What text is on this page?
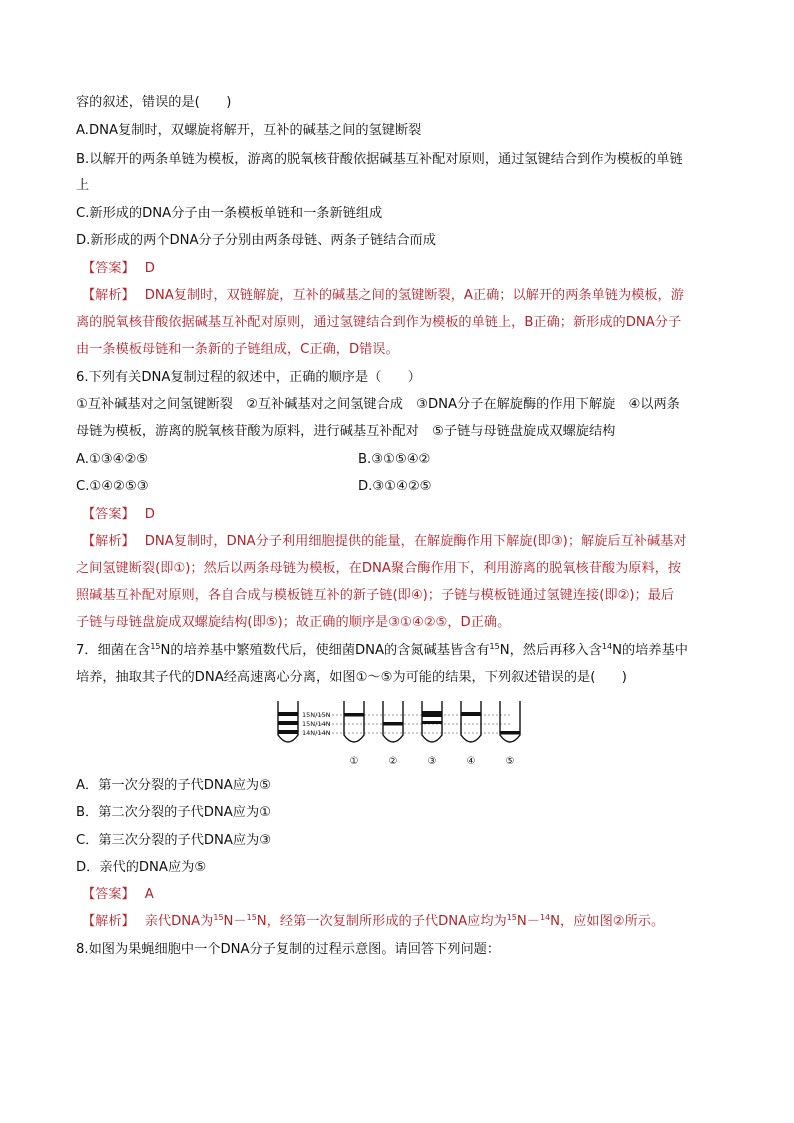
容的叙述，错误的是(　　)
A.DNA复制时，双螺旋将解开，互补的碱基之间的氢键断裂
B.以解开的两条单链为模板，游离的脱氧核苷酸依据碱基互补配对原则，通过氢键结合到作为模板的单链
上
C.新形成的DNA分子由一条模板单链和一条新链组成
D.新形成的两个DNA分子分别由两条母链、两条子链结合而成
【答案】 D
【解析】 DNA复制时，双链解旋，互补的碱基之间的氢键断裂，A正确；以解开的两条单链为模板，游
离的脱氧核苷酸依据碱基互补配对原则，通过氢键结合到作为模板的单链上，B正确；新形成的DNA分子
由一条模板母链和一条新的子链组成，C正确，D错误。
6.下列有关DNA复制过程的叙述中，正确的顺序是（　　）
①互补碱基对之间氢键断裂　②互补碱基对之间氢键合成　③DNA分子在解旋酶的作用下解旋　④以两条
母链为模板，游离的脱氧核苷酸为原料，进行碱基互补配对　⑤子链与母链盘旋成双螺旋结构
A.①③④②⑤	B.③①⑤④②
C.①④②⑤③	D.③①④②⑤
【答案】 D
【解析】 DNA复制时，DNA分子利用细胞提供的能量，在解旋酶作用下解旋(即③)；解旋后互补碱基对
之间氢键断裂(即①)；然后以两条母链为模板，在DNA聚合酶作用下，利用游离的脱氧核苷酸为原料，按
照碱基互补配对原则，各自合成与模板链互补的新子链(即④)；子链与模板链通过氢键连接(即②)；最后
子链与母链盘旋成双螺旋结构(即⑤)；故正确的顺序是③①④②⑤，D正确。
7．细菌在含$^{15}$N的培养基中繁殖数代后，使细菌DNA的含氮碱基皆含有$^{15}$N，然后再移入含$^{14}$N的培养基中
培养，抽取其子代的DNA经高速离心分离，如图①～⑤为可能的结果，下列叙述错误的是(　　)
15N/15N
15N/14N
14N/14N
①	②	③	④	⑤
A．第一次分裂的子代DNA应为⑤
B．第二次分裂的子代DNA应为①
C．第三次分裂的子代DNA应为③
D．亲代的DNA应为⑤
【答案】 A
【解析】 亲代DNA为$^{15}$N－$^{15}$N，经第一次复制所形成的子代DNA应均为$^{15}$N－$^{14}$N，应如图②所示。
8.如图为果蝇细胞中一个DNA分子复制的过程示意图。请回答下列问题：
